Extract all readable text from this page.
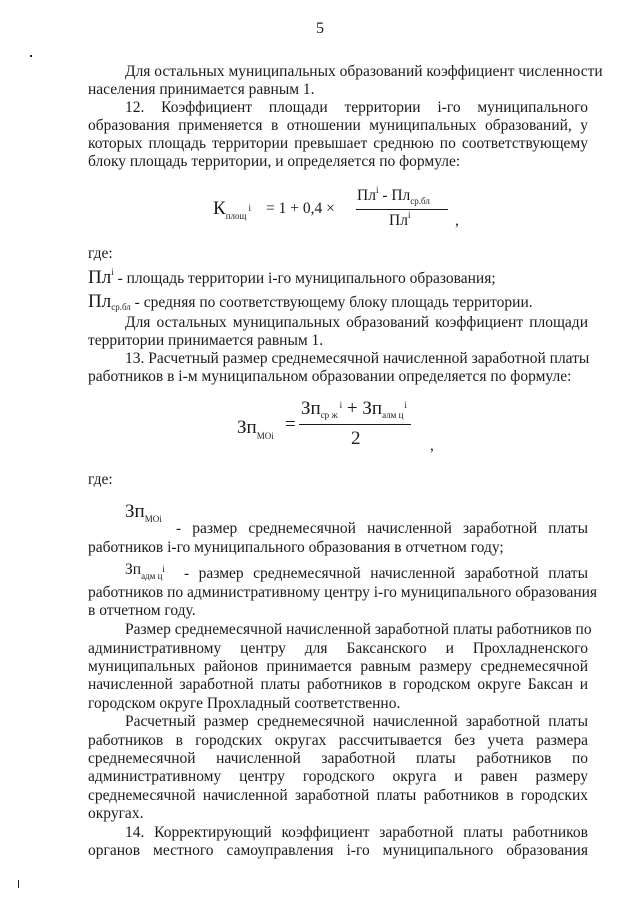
5
Для остальных муниципальных образований коэффициент численности
населения принимается равным 1.
12. Коэффициент площади территории i-го муниципального
образования применяется в отношении муниципальных образований, у
которых площадь территории превышает среднюю по соответствующему
блоку площадь территории, и определяется по формуле:
$К_{площ}i = 1 + 0,4$ ×
$Пл^i - Пл_{ср.бл}$
$Пл^i$	,
где:
$Пл^i$ - площадь территории i-го муниципального образования;
Плср.бл - средняя по соответствующему блоку площадь территории.
Для остальных муниципальных образований коэффициент площади
территории принимается равным 1.
13. Расчетный размер среднемесячной начисленной заработной платы
работников в i-м муниципальном образовании определяется по формуле:
$Зп_{МОi}$
=
$Зп_{ср ж}^i + Зп_{алм ц}^i$
2	,
где:
$Зп_{МОi}$
- размер среднемесячной начисленной заработной платы
работников i-го муниципального образования в отчетном году;
$Зп_{адм ц}i$	- размер среднемесячной начисленной заработной платы
работников по административному центру i-го муниципального образования
в отчетном году.
Размер среднемесячной начисленной заработной платы работников по
административному центру для Баксанского и Прохладненского
муниципальных районов принимается равным размеру среднемесячной
начисленной заработной платы работников в городском округе Баксан и
городском округе Прохладный соответственно.
Расчетный размер среднемесячной начисленной заработной платы
работников в городских округах рассчитывается без учета размера
среднемесячной начисленной заработной платы работников по
административному центру городского округа и равен размеру
среднемесячной начисленной заработной платы работников в городских
округах.
14. Корректирующий коэффициент заработной платы работников
органов местного самоуправления i-го муниципального образования
